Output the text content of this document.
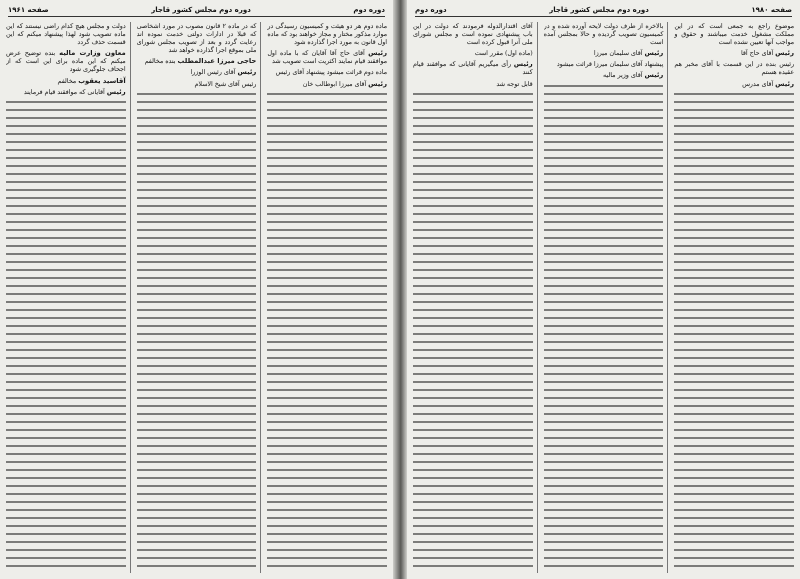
دوره دوم
دوره دوم مجلس کشور قاجار
صفحه ۱۹۶۱
ماده دوم هر دو هیئت و کمیسیون رسیدگی در موارد مذکور مختار و مجاز خواهند بود که ماده اول قانون به مورد اجرا گذارده شود
رئیس آقای حاج آقا آقایان که با ماده اول موافقند قیام نمایند اکثریت است تصویب شد
ماده دوم قرائت میشود پیشنهاد آقای رئیس
رئیس آقای میرزا ابوطالب خان
که در ماده ۲ قانون مصوب در مورد اشخاصی که قبلا در ادارات دولتی خدمت نموده اند رعایت گردد و بعد از تصویب مجلس شورای ملی بموقع اجرا گذارده خواهد شد
حاجی میرزا عبدالمطلب بنده مخالفم
رئیس آقای رئیس الوزرا
رئیس آقای شیخ الاسلام
دولت و مجلس هیچ کدام راضی نیستند که این ماده تصویب شود لهذا پیشنهاد میکنم که این قسمت حذف گردد
معاون وزارت مالیه بنده توضیح عرض میکنم که این ماده برای این است که از اجحاف جلوگیری شود
آقاسید یعقوب مخالفم
رئیس آقایانی که موافقند قیام فرمایند
صفحه ۱۹۸۰
دوره دوم مجلس کشور قاجار
دوره دوم
موضوع راجع به جمعی است که در این مملکت مشغول خدمت میباشند و حقوق و مواجب آنها تعیین نشده است
رئیس آقای حاج آقا
رئیس بنده در این قسمت با آقای مخبر هم عقیده هستم
رئیس آقای مدرس
بالاخره از طرف دولت لایحه آورده شده و در کمیسیون تصویب گردیده و حالا بمجلس آمده است
رئیس آقای سلیمان میرزا
پیشنهاد آقای سلیمان میرزا قرائت میشود
رئیس آقای وزیر مالیه
آقای اقتدارالدوله فرمودند که دولت در این باب پیشنهادی نموده است و مجلس شورای ملی آنرا قبول کرده است
(ماده اول) مقرر است
رئیس رأی میگیریم آقایانی که موافقند قیام کنند
قابل توجه شد
